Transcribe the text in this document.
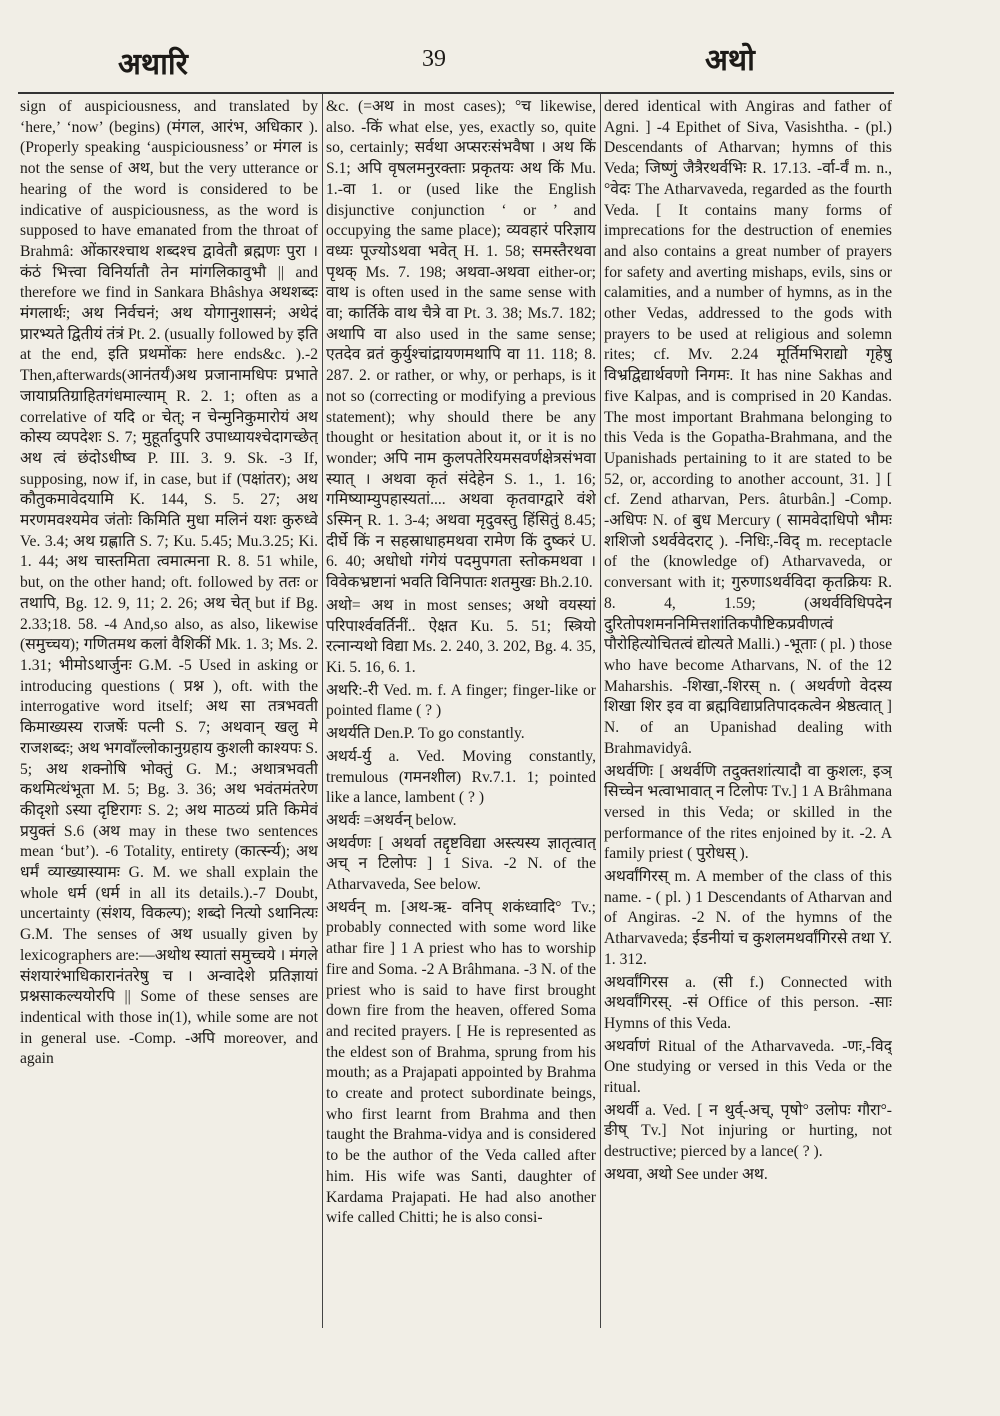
अथारि	39	अथो

sign of auspiciousness, and translated by ‘here,’ ‘now’ (begins) (मंगल, आरंभ, अधिकार ). (Properly speaking ‘auspiciousness’ or मंगल is not the sense of अथ, but the very utterance or hearing of the word is considered to be indicative of auspiciousness, as the word is supposed to have emanated from the throat of Brahmâ: ओंकारश्चाथ शब्दश्च द्वावेतौ ब्रह्मणः पुरा । कंठं भित्त्वा विनिर्यातौ तेन मांगलिकावुभौ || and therefore we find in Sankara Bhâshya अथशब्दः मंगलार्थः; अथ निर्वचनं; अथ योगानुशासनं; अथेदं प्रारभ्यते द्वितीयं तंत्रं Pt. 2. (usually followed by इति at the end, इति प्रथमोंकः here ends&c. ).-2 Then,afterwards(आनंतर्यं)अथ प्रजानामधिपः प्रभाते जायाप्रतिग्राहितगंधमाल्याम् R. 2. 1; often as a correlative of यदि or चेत्; न चेन्मुनिकुमारोयं अथ कोस्य व्यपदेशः S. 7; मुहूर्तादुपरि उपाध्यायश्चेदागच्छेत् अथ त्वं छंदोऽधीष्व P. III. 3. 9. Sk. -3 If, supposing, now if, in case, but if (पक्षांतर); अथ कौतुकमावेदयामि K. 144, S. 5. 27; अथ मरणमवश्यमेव जंतोः किमिति मुधा मलिनं यशः कुरुध्वे Ve. 3.4; अथ ग्रह्णाति S. 7; Ku. 5.45; Mu.3.25; Ki. 1. 44; अथ चास्तमिता त्वमात्मना R. 8. 51 while, but, on the other hand; oft. followed by ततः or तथापि, Bg. 12. 9, 11; 2. 26; अथ चेत् but if Bg. 2.33;18. 58. -4 And,so also, as also, likewise (समुच्चय); गणितमथ कलां वैशिकीं Mk. 1. 3; Ms. 2. 1.31; भीमोऽथार्जुनः G.M. -5 Used in asking or introducing questions ( प्रश्न ), oft. with the interrogative word itself; अथ सा तत्रभवती किमाख्यस्य राजर्षेः पत्नी S. 7; अथवान् खलु मे राजशब्दः; अथ भगवाँल्लोकानुग्रहाय कुशली काश्यपः S. 5; अथ शक्नोषि भोक्तुं G. M.; अथात्रभवती कथमित्थंभूता M. 5; Bg. 3. 36; अथ भवंतमंतरेण कीदृशो ऽस्या दृष्टिरागः S. 2; अथ माठव्यं प्रति किमेवं प्रयुक्तं S.6 (अथ may in these two sentences mean ‘but’). -6 Totality, entirety (कार्त्स्न्य); अथ धर्मं व्याख्यास्यामः G. M. we shall explain the whole धर्म (धर्म in all its details.).-7 Doubt, uncertainty (संशय, विकल्प); शब्दो नित्यो ऽथानित्यः G.M. The senses of अथ usually given by lexicographers are:—अथोथ स्यातां समुच्चये । मंगले संशयारंभाधिकारानंतरेषु च । अन्वादेशे प्रतिज्ञायां प्रश्नसाकल्ययोरपि || Some of these senses are indentical with those in(1), while some are not in general use. -Comp. -अपि moreover, and again

&c. (=अथ in most cases); °च likewise, also. -किं what else, yes, exactly so, quite so, certainly; सर्वथा अप्सरःसंभवैषा । अथ किं S.1; अपि वृषलमनुरक्ताः प्रकृतयः अथ किं Mu. 1.-वा 1. or (used like the English disjunctive conjunction ‘ or ’ and occupying the same place); व्यवहारं परिज्ञाय वध्यः पूज्योऽथवा भवेत् H. 1. 58; समस्तैरथवा पृथक् Ms. 7. 198; अथवा-अथवा either-or; वाथ is often used in the same sense with वा; कार्तिके वाथ चैत्रे वा Pt. 3. 38; Ms.7. 182; अथापि वा also used in the same sense; एतदेव व्रतं कुर्युश्चांद्रायणमथापि वा 11. 118; 8. 287. 2. or rather, or why, or perhaps, is it not so (correcting or modifying a previous statement); why should there be any thought or hesitation about it, or it is no wonder; अपि नाम कुलपतेरियमसवर्णक्षेत्रसंभवा स्यात् । अथवा कृतं संदेहेन S. 1., 1. 16; गमिष्याम्युपहास्यतां.... अथवा कृतवाग्द्वारे वंशे ऽस्मिन् R. 1. 3-4; अथवा मृदुवस्तु हिंसितुं 8.45; दीर्घे किं न सहस्राधाहमथवा रामेण किं दुष्करं U. 6. 40; अधोधो गंगेयं पदमुपगता स्तोकमथवा । विवेकभ्रष्टानां भवति विनिपातः शतमुखः Bh.2.10.

अथो= अथ in most senses; अथो वयस्यां परिपार्श्ववर्तिनीं.. ऐक्षत Ku. 5. 51; स्त्रियो रत्नान्यथो विद्या Ms. 2. 240, 3. 202, Bg. 4. 35, Ki. 5. 16, 6. 1.

अथरि:-री Ved. m. f. A finger; finger-like or pointed flame ( ? )

अथर्यति Den.P. To go constantly.

अथर्य-र्यु a. Ved. Moving constantly, tremulous (गमनशील) Rv.7.1. 1; pointed like a lance, lambent ( ? )

अथर्वः =अथर्वन् below.

अथर्वणः [ अथर्वा तद्दृष्टविद्या अस्त्यस्य ज्ञातृत्वात् अच् न टिलोपः ] 1 Siva. -2 N. of the Atharvaveda, See below.

अथर्वन् m. [अथ-ऋ- वनिप् शकंध्वादि° Tv.; probably connected with some word like athar fire ] 1 A priest who has to worship fire and Soma. -2 A Brâhmana. -3 N. of the priest who is said to have first brought down fire from the heaven, offered Soma and recited prayers. [ He is represented as the eldest son of Brahma, sprung from his mouth; as a Prajapati appointed by Brahma to create and protect subordinate beings, who first learnt from Brahma and then taught the Brahma-vidya and is considered to be the author of the Veda called after him. His wife was Santi, daughter of Kardama Prajapati. He had also another wife called Chitti; he is also consi-

dered identical with Angiras and father of Agni. ] -4 Epithet of Siva, Vasishtha. - (pl.) Descendants of Atharvan; hymns of this Veda; जिष्णुं जैत्रैरथर्वभिः R. 17.13. -र्वा-र्वं m. n., °वेदः The Atharvaveda, regarded as the fourth Veda. [ It contains many forms of imprecations for the destruction of enemies and also contains a great number of prayers for safety and averting mishaps, evils, sins or calamities, and a number of hymns, as in the other Vedas, addressed to the gods with prayers to be used at religious and solemn rites; cf. Mv. 2.24 मूर्तिमभिराद्यो गृहेषु विभ्रद्विद्यार्थवणो निगमः. It has nine Sakhas and five Kalpas, and is comprised in 20 Kandas. The most important Brahmana belonging to this Veda is the Gopatha-Brahmana, and the Upanishads pertaining to it are stated to be 52, or, according to another account, 31. ] [ cf. Zend atharvan, Pers. âturbân.] -Comp. -अधिपः N. of बुध Mercury ( सामवेदाधिपो भौमः शशिजो ऽथर्ववेदराट् ). -निधिः,-विद् m. receptacle of the (knowledge of) Atharvaveda, or conversant with it; गुरुणाऽथर्वविदा कृतक्रियः R. 8. 4, 1.59; (अथर्वविधिपदेन दुरितोपशमननिमित्तशांतिकपौष्टिकप्रवीणत्वं पौरोहित्योचितत्वं द्योत्यते Malli.) -भूताः ( pl. ) those who have become Atharvans, N. of the 12 Maharshis. -शिखा,-शिरस् n. ( अथर्वणो वेदस्य शिखा शिर इव वा ब्रह्मविद्याप्रतिपादकत्वेन श्रेष्ठत्वात् ] N. of an Upanishad dealing with Brahmavidyâ.

अथर्वणिः [ अथर्वणि तदुक्तशांत्यादौ वा कुशलः, इञ् सिच्चेन भत्वाभावात् न टिलोपः Tv.] 1 A Brâhmana versed in this Veda; or skilled in the performance of the rites enjoined by it. -2. A family priest ( पुरोधस् ).

अथर्वांगिरस् m. A member of the class of this name. - ( pl. ) 1 Descendants of Atharvan and of Angiras. -2 N. of the hymns of the Atharvaveda; ईडनीयां च कुशलमथर्वांगिरसे तथा Y. 1. 312.

अथर्वांगिरस a. (सी f.) Connected with अथर्वांगिरस्. -सं Office of this person. -साः Hymns of this Veda.

अथर्वाणं Ritual of the Atharvaveda. -णः,-विद् One studying or versed in this Veda or the ritual.

अथर्वी a. Ved. [ न थुर्व्-अच्, पृषो° उलोपः गौरा°- ङीष् Tv.] Not injuring or hurting, not destructive; pierced by a lance( ? ).

अथवा, अथो See under अथ.
